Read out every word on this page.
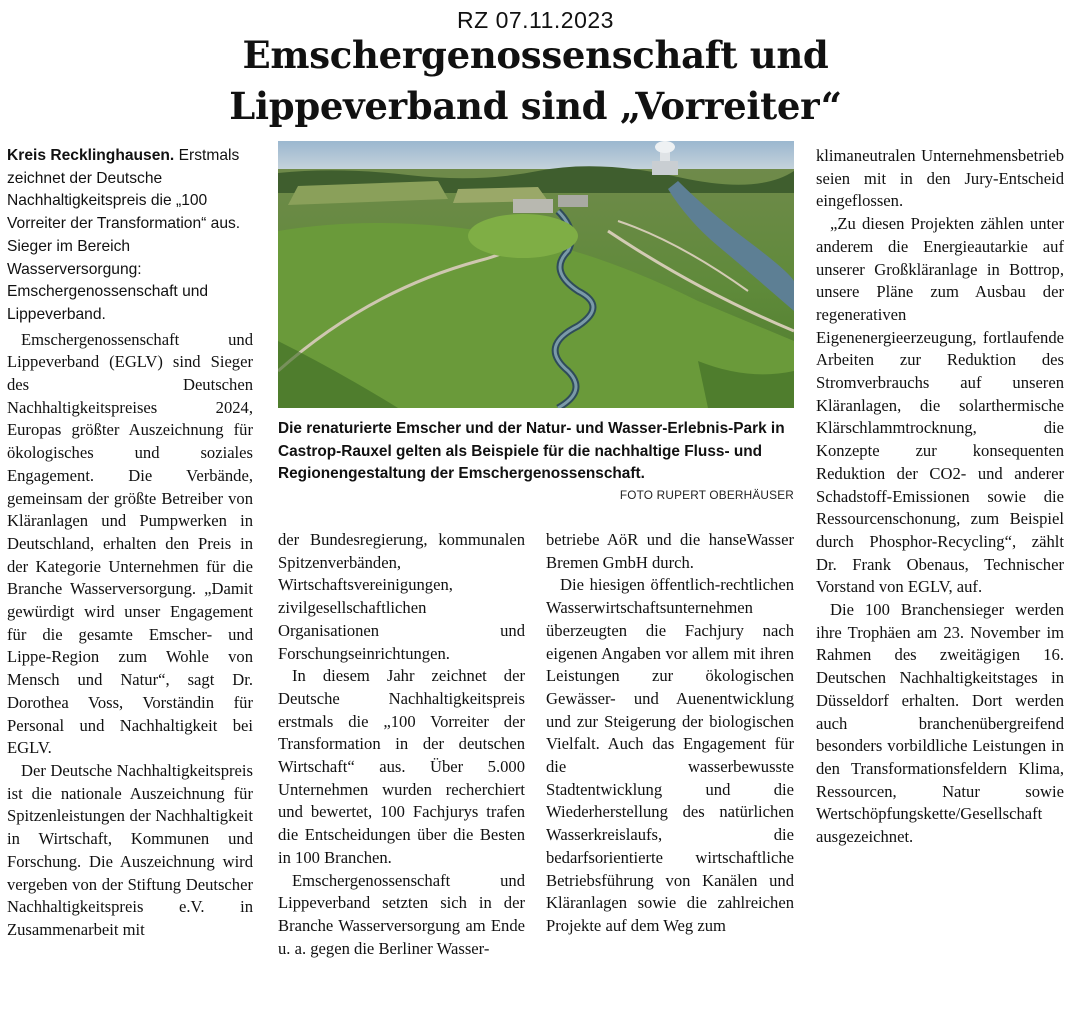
RZ 07.11.2023
Emschergenossenschaft und
Lippeverband sind „Vorreiter“

Kreis Recklinghausen. Erstmals zeichnet der Deutsche Nachhaltigkeitspreis die „100 Vorreiter der Transformation“ aus. Sieger im Bereich Wasserversorgung: Emschergenossenschaft und Lippeverband.

Emschergenossenschaft und Lippeverband (EGLV) sind Sieger des Deutschen Nachhaltigkeitspreises 2024, Europas größter Auszeichnung für ökologisches und soziales Engagement. Die Verbände, gemeinsam der größte Betreiber von Kläranlagen und Pumpwerken in Deutschland, erhalten den Preis in der Kategorie Unternehmen für die Branche Wasserversorgung. „Damit gewürdigt wird unser Engagement für die gesamte Emscher- und Lippe-Region zum Wohle von Mensch und Natur“, sagt Dr. Dorothea Voss, Vorständin für Personal und Nachhaltigkeit bei EGLV.

Der Deutsche Nachhaltigkeitspreis ist die nationale Auszeichnung für Spitzenleistungen der Nachhaltigkeit in Wirtschaft, Kommunen und Forschung. Die Auszeichnung wird vergeben von der Stiftung Deutscher Nachhaltigkeitspreis e.V. in Zusammenarbeit mit

Die renaturierte Emscher und der Natur- und Wasser-Erlebnis-Park in Castrop-Rauxel gelten als Beispiele für die nachhaltige Fluss- und Regionengestaltung der Emschergenossenschaft.
FOTO RUPERT OBERHÄUSER

der Bundesregierung, kommunalen Spitzenverbänden, Wirtschaftsvereinigungen, zivilgesellschaftlichen Organisationen und Forschungseinrichtungen.

In diesem Jahr zeichnet der Deutsche Nachhaltigkeitspreis erstmals die „100 Vorreiter der Transformation in der deutschen Wirtschaft“ aus. Über 5.000 Unternehmen wurden recherchiert und bewertet, 100 Fachjurys trafen die Entscheidungen über die Besten in 100 Branchen.

Emschergenossenschaft und Lippeverband setzten sich in der Branche Wasserversorgung am Ende u. a. gegen die Berliner Wasser-

betriebe AöR und die hanseWasser Bremen GmbH durch.

Die hiesigen öffentlich-rechtlichen Wasserwirtschaftsunternehmen überzeugten die Fachjury nach eigenen Angaben vor allem mit ihren Leistungen zur ökologischen Gewässer- und Auenentwicklung und zur Steigerung der biologischen Vielfalt. Auch das Engagement für die wasserbewusste Stadtentwicklung und die Wiederherstellung des natürlichen Wasserkreislaufs, die bedarfsorientierte wirtschaftliche Betriebsführung von Kanälen und Kläranlagen sowie die zahlreichen Projekte auf dem Weg zum

klimaneutralen Unternehmensbetrieb seien mit in den Jury-Entscheid eingeflossen.

„Zu diesen Projekten zählen unter anderem die Energieautarkie auf unserer Großkläranlage in Bottrop, unsere Pläne zum Ausbau der regenerativen Eigenenergieerzeugung, fortlaufende Arbeiten zur Reduktion des Stromverbrauchs auf unseren Kläranlagen, die solarthermische Klärschlammtrocknung, die Konzepte zur konsequenten Reduktion der CO2- und anderer Schadstoff-Emissionen sowie die Ressourcenschonung, zum Beispiel durch Phosphor-Recycling“, zählt Dr. Frank Obenaus, Technischer Vorstand von EGLV, auf.

Die 100 Branchensieger werden ihre Trophäen am 23. November im Rahmen des zweitägigen 16. Deutschen Nachhaltigkeitstages in Düsseldorf erhalten. Dort werden auch branchenübergreifend besonders vorbildliche Leistungen in den Transformationsfeldern Klima, Ressourcen, Natur sowie Wertschöpfungskette/Gesellschaft ausgezeichnet.
